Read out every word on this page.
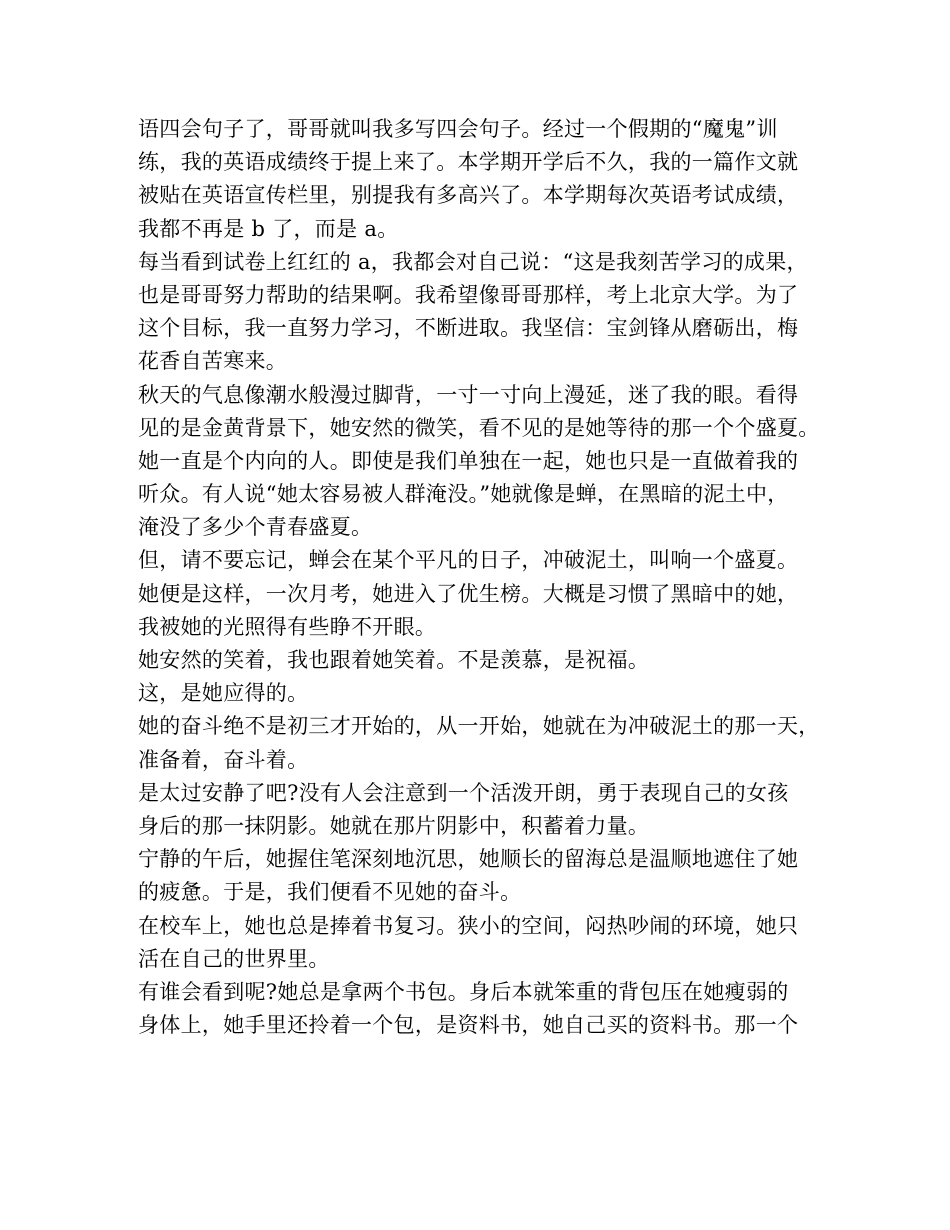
语四会句子了，哥哥就叫我多写四会句子。经过一个假期的“魔鬼”训
练，我的英语成绩终于提上来了。本学期开学后不久，我的一篇作文就
被贴在英语宣传栏里，别提我有多高兴了。本学期每次英语考试成绩，
我都不再是 b 了，而是 a。
每当看到试卷上红红的 a，我都会对自己说：“这是我刻苦学习的成果，
也是哥哥努力帮助的结果啊。我希望像哥哥那样，考上北京大学。为了
这个目标，我一直努力学习，不断进取。我坚信：宝剑锋从磨砺出，梅
花香自苦寒来。
秋天的气息像潮水般漫过脚背，一寸一寸向上漫延，迷了我的眼。看得
见的是金黄背景下，她安然的微笑，看不见的是她等待的那一个个盛夏。
她一直是个内向的人。即使是我们单独在一起，她也只是一直做着我的
听众。有人说“她太容易被人群淹没。”她就像是蝉，在黑暗的泥土中，
淹没了多少个青春盛夏。
但，请不要忘记，蝉会在某个平凡的日子，冲破泥土，叫响一个盛夏。
她便是这样，一次月考，她进入了优生榜。大概是习惯了黑暗中的她，
我被她的光照得有些睁不开眼。
她安然的笑着，我也跟着她笑着。不是羡慕，是祝福。
这，是她应得的。
她的奋斗绝不是初三才开始的，从一开始，她就在为冲破泥土的那一天，
准备着，奋斗着。
是太过安静了吧?没有人会注意到一个活泼开朗，勇于表现自己的女孩
身后的那一抹阴影。她就在那片阴影中，积蓄着力量。
宁静的午后，她握住笔深刻地沉思，她顺长的留海总是温顺地遮住了她
的疲惫。于是，我们便看不见她的奋斗。
在校车上，她也总是捧着书复习。狭小的空间，闷热吵闹的环境，她只
活在自己的世界里。
有谁会看到呢?她总是拿两个书包。身后本就笨重的背包压在她瘦弱的
身体上，她手里还拎着一个包，是资料书，她自己买的资料书。那一个
